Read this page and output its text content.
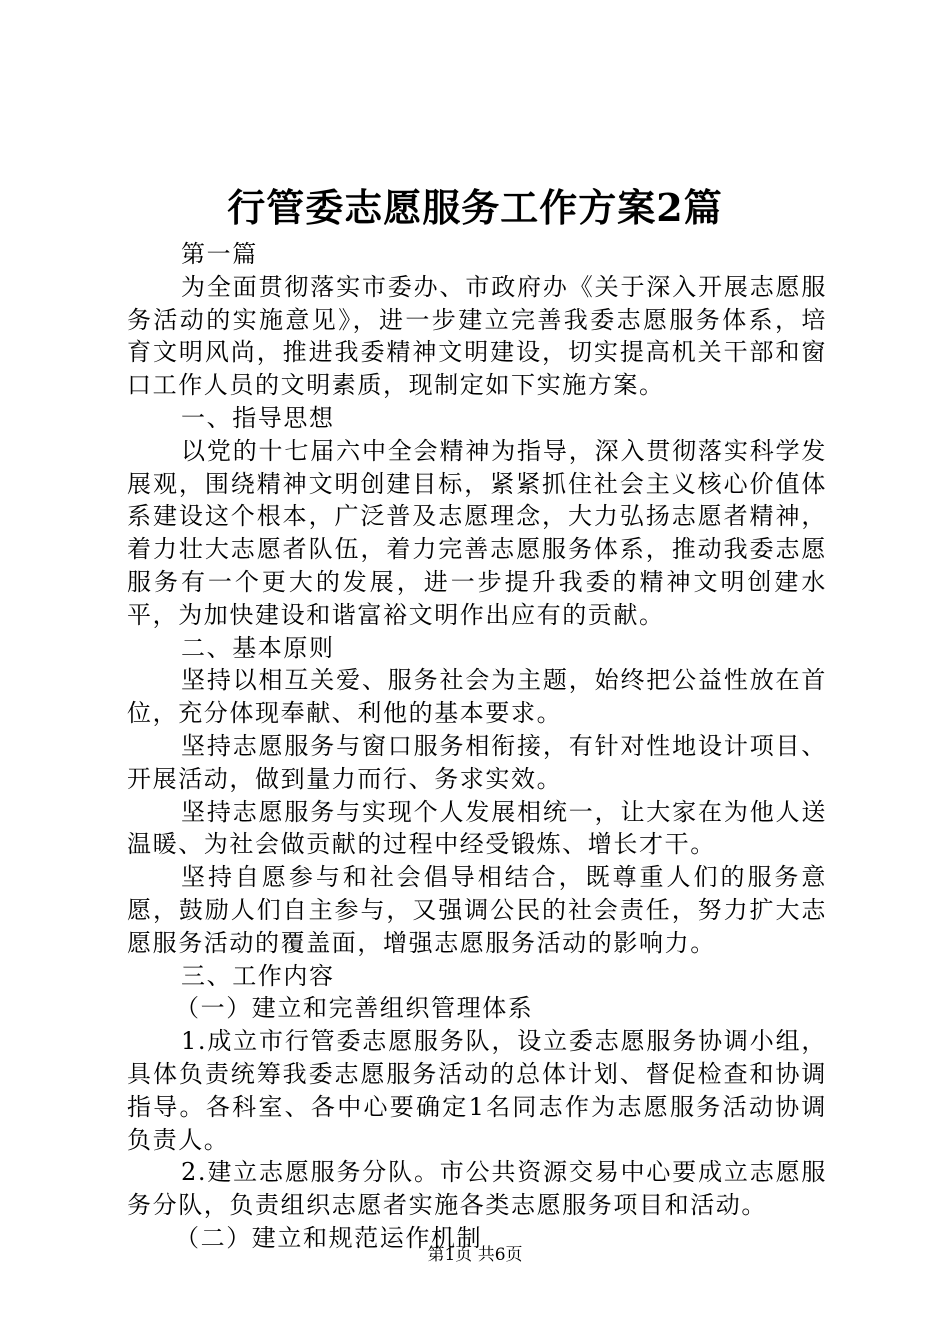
行管委志愿服务工作方案2篇

第一篇

为全面贯彻落实市委办、市政府办《关于深入开展志愿服务活动的实施意见》，进一步建立完善我委志愿服务体系，培育文明风尚，推进我委精神文明建设，切实提高机关干部和窗口工作人员的文明素质，现制定如下实施方案。

一、指导思想

以党的十七届六中全会精神为指导，深入贯彻落实科学发展观，围绕精神文明创建目标，紧紧抓住社会主义核心价值体系建设这个根本，广泛普及志愿理念，大力弘扬志愿者精神，着力壮大志愿者队伍，着力完善志愿服务体系，推动我委志愿服务有一个更大的发展，进一步提升我委的精神文明创建水平，为加快建设和谐富裕文明作出应有的贡献。

二、基本原则

坚持以相互关爱、服务社会为主题，始终把公益性放在首位，充分体现奉献、利他的基本要求。

坚持志愿服务与窗口服务相衔接，有针对性地设计项目、开展活动，做到量力而行、务求实效。

坚持志愿服务与实现个人发展相统一，让大家在为他人送温暖、为社会做贡献的过程中经受锻炼、增长才干。

坚持自愿参与和社会倡导相结合，既尊重人们的服务意愿，鼓励人们自主参与，又强调公民的社会责任，努力扩大志愿服务活动的覆盖面，增强志愿服务活动的影响力。

三、工作内容

（一）建立和完善组织管理体系

1.成立市行管委志愿服务队，设立委志愿服务协调小组，具体负责统筹我委志愿服务活动的总体计划、督促检查和协调指导。各科室、各中心要确定1名同志作为志愿服务活动协调负责人。

2.建立志愿服务分队。市公共资源交易中心要成立志愿服务分队，负责组织志愿者实施各类志愿服务项目和活动。

（二）建立和规范运作机制

第1页 共6页
